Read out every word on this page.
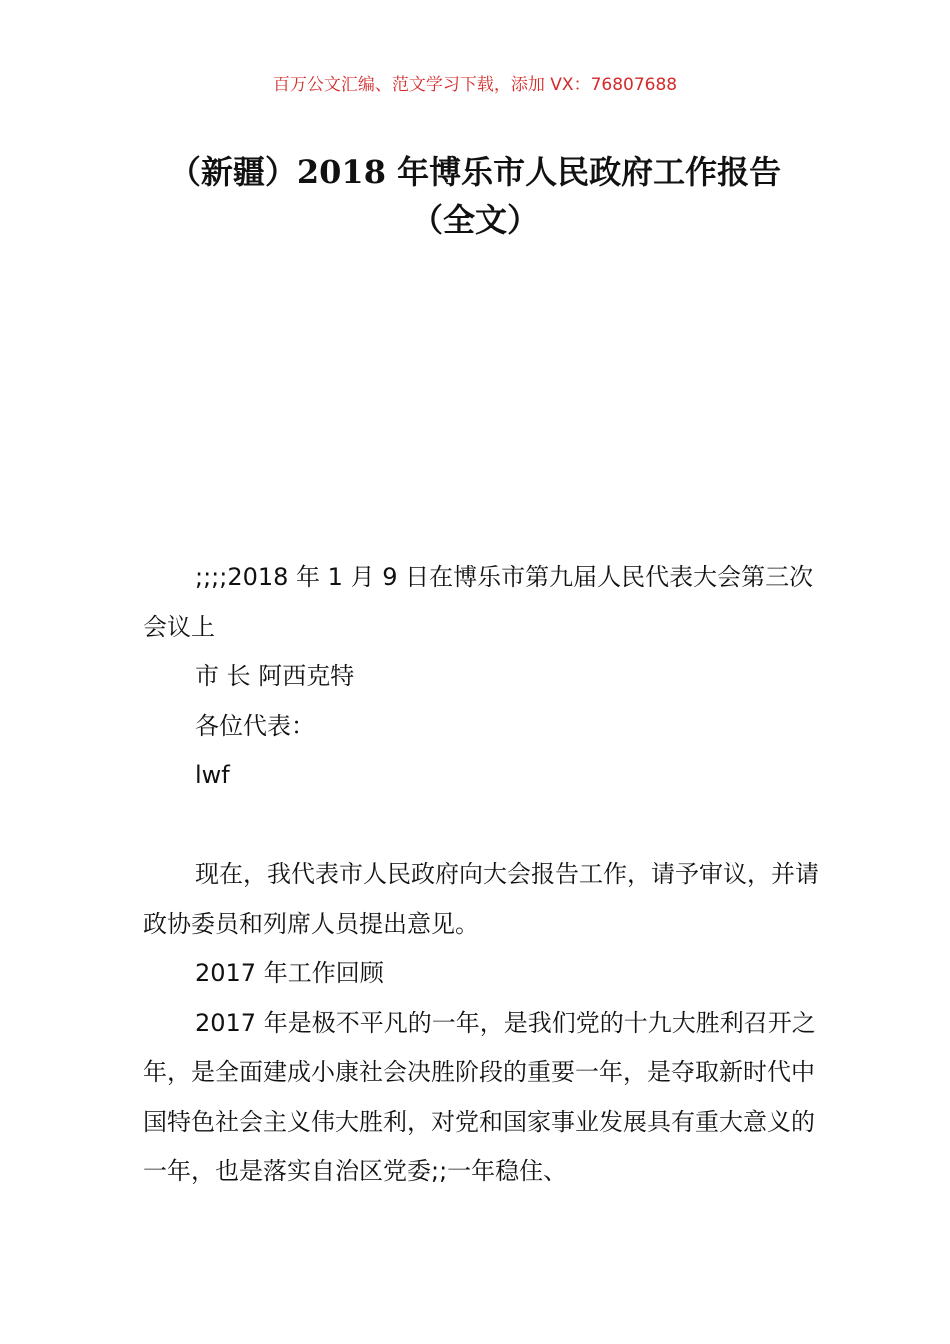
百万公文汇编、范文学习下载，添加 VX：76807688
（新疆）2018 年博乐市人民政府工作报告
（全文）

;;;;2018 年 1 月 9 日在博乐市第九届人民代表大会第三次会议上

市 长 阿西克特

各位代表：

lwf

现在，我代表市人民政府向大会报告工作，请予审议，并请政协委员和列席人员提出意见。

2017 年工作回顾

2017 年是极不平凡的一年，是我们党的十九大胜利召开之年，是全面建成小康社会决胜阶段的重要一年，是夺取新时代中国特色社会主义伟大胜利，对党和国家事业发展具有重大意义的一年，也是落实自治区党委;;一年稳住、
